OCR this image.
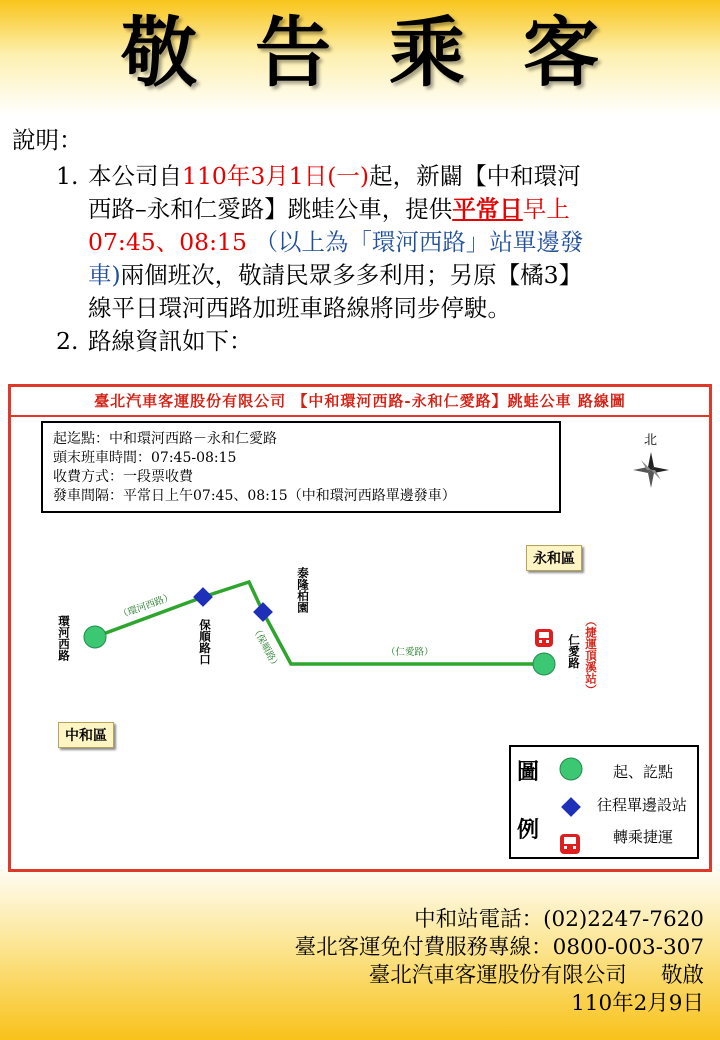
敬告乘客
說明：
1. 本公司自110年3月1日(一)起，新闢【中和環河
西路–永和仁愛路】跳蛙公車，提供平常日早上
07:45、08:15 （以上為「環河西路」站單邊發
車)兩個班次，敬請民眾多多利用；另原【橘3】
線平日環河西路加班車路線將同步停駛。
2. 路線資訊如下：
臺北汽車客運股份有限公司 【中和環河西路-永和仁愛路】跳蛙公車 路線圖
起迄點：中和環河西路－永和仁愛路
頭末班車時間：07:45-08:15
收費方式：一段票收費
發車間隔：平常日上午07:45、08:15（中和環河西路單邊發車）
北
永和區
中和區
環河西路	保順路口
泰隆柏園
仁愛路 （捷運頂溪站）
（環河西路）
（保順路）	（仁愛路）
圖
例
起、訖點
往程單邊設站
轉乘捷運
中和站電話：(02)2247-7620
臺北客運免付費服務專線：0800-003-307
臺北汽車客運股份有限公司 敬啟
110年2月9日
